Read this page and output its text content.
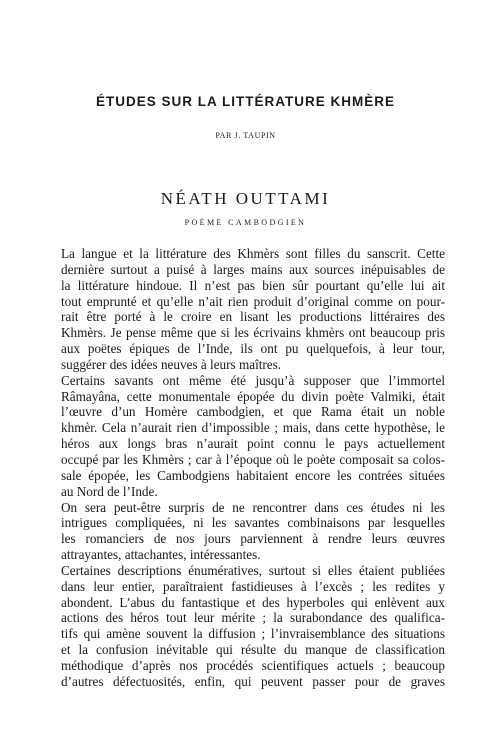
ÉTUDES SUR LA LITTÉRATURE KHMÈRE
PAR J. TAUPIN
NÉATH OUTTAMI
POÈME CAMBODGIEN
La langue et la littérature des Khmèrs sont filles du sanscrit. Cette
dernière surtout a puisé à larges mains aux sources inépuisables de
la littérature hindoue. Il n’est pas bien sûr pourtant qu’elle lui ait
tout emprunté et qu’elle n’ait rien produit d’original comme on pour-
rait être porté à le croire en lisant les productions littéraires des
Khmèrs. Je pense même que si les écrivains khmèrs ont beaucoup pris
aux poëtes épiques de l’Inde, ils ont pu quelquefois, à leur tour,
suggérer des idées neuves à leurs maîtres.
Certains savants ont même été jusqu’à supposer que l’immortel
Râmayâna, cette monumentale épopée du divin poète Valmiki, était
l’œuvre d’un Homère cambodgien, et que Rama était un noble
khmèr. Cela n’aurait rien d’impossible ; mais, dans cette hypothèse, le
héros aux longs bras n’aurait point connu le pays actuellement
occupé par les Khmèrs ; car à l’époque où le poète composait sa colos-
sale épopée, les Cambodgiens habitaient encore les contrées situées
au Nord de l’Inde.
On sera peut-être surpris de ne rencontrer dans ces études ni les
intrigues compliquées, ni les savantes combinaisons par lesquelles
les romanciers de nos jours parviennent à rendre leurs œuvres
attrayantes, attachantes, intéressantes.
Certaines descriptions énumératives, surtout si elles étaient publiées
dans leur entier, paraîtraient fastidieuses à l’excès ; les redites y
abondent. L’abus du fantastique et des hyperboles qui enlèvent aux
actions des héros tout leur mérite ; la surabondance des qualifica-
tifs qui amène souvent la diffusion ; l’invraisemblance des situations
et la confusion inévitable qui résulte du manque de classification
méthodique d’après nos procédés scientifiques actuels ; beaucoup
d’autres défectuosités, enfin, qui peuvent passer pour de graves
